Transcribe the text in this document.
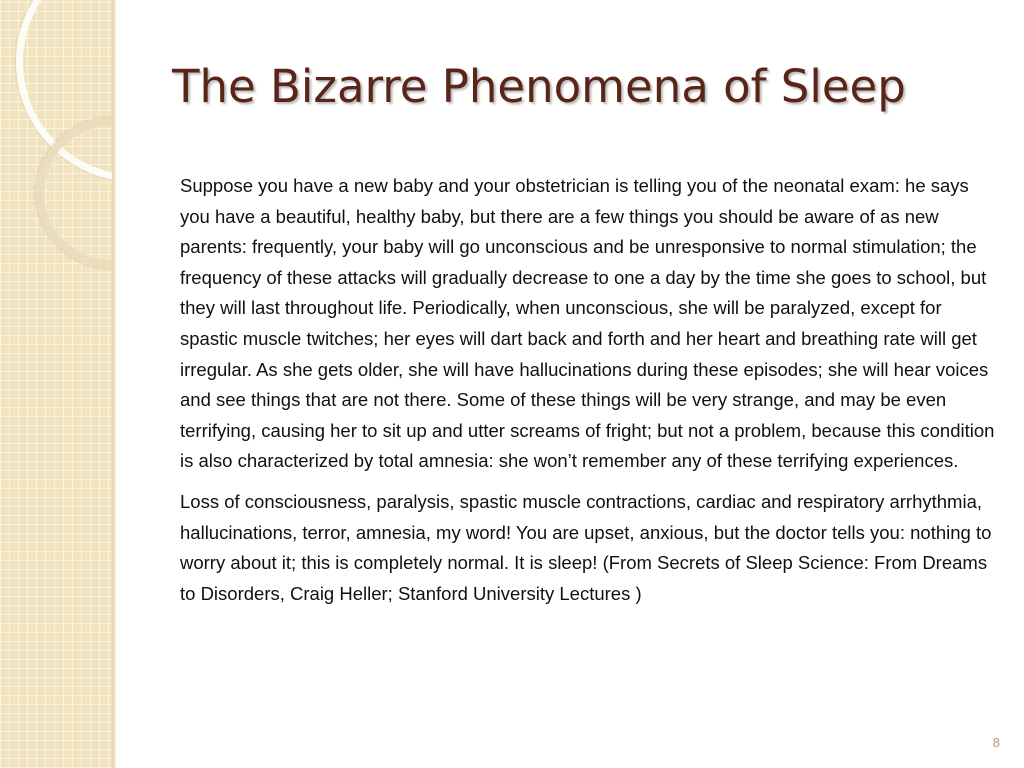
The Bizarre Phenomena of Sleep

Suppose you have a new baby and your obstetrician is telling you of the neonatal exam: he says you have a beautiful, healthy baby, but there are a few things you should be aware of as new parents: frequently, your baby will go unconscious and be unresponsive to normal stimulation; the frequency of these attacks will gradually decrease to one a day by the time she goes to school, but they will last throughout life. Periodically, when unconscious, she will be paralyzed, except for spastic muscle twitches; her eyes will dart back and forth and her heart and breathing rate will get irregular. As she gets older, she will have hallucinations during these episodes; she will hear voices and see things that are not there. Some of these things will be very strange, and may be even terrifying, causing her to sit up and utter screams of fright; but not a problem, because this condition is also characterized by total amnesia: she won’t remember any of these terrifying experiences.

Loss of consciousness, paralysis, spastic muscle contractions, cardiac and respiratory arrhythmia, hallucinations, terror, amnesia, my word! You are upset, anxious, but the doctor tells you: nothing to worry about it; this is completely normal. It is sleep! (From Secrets of Sleep Science: From Dreams to Disorders, Craig Heller; Stanford University Lectures )

8
